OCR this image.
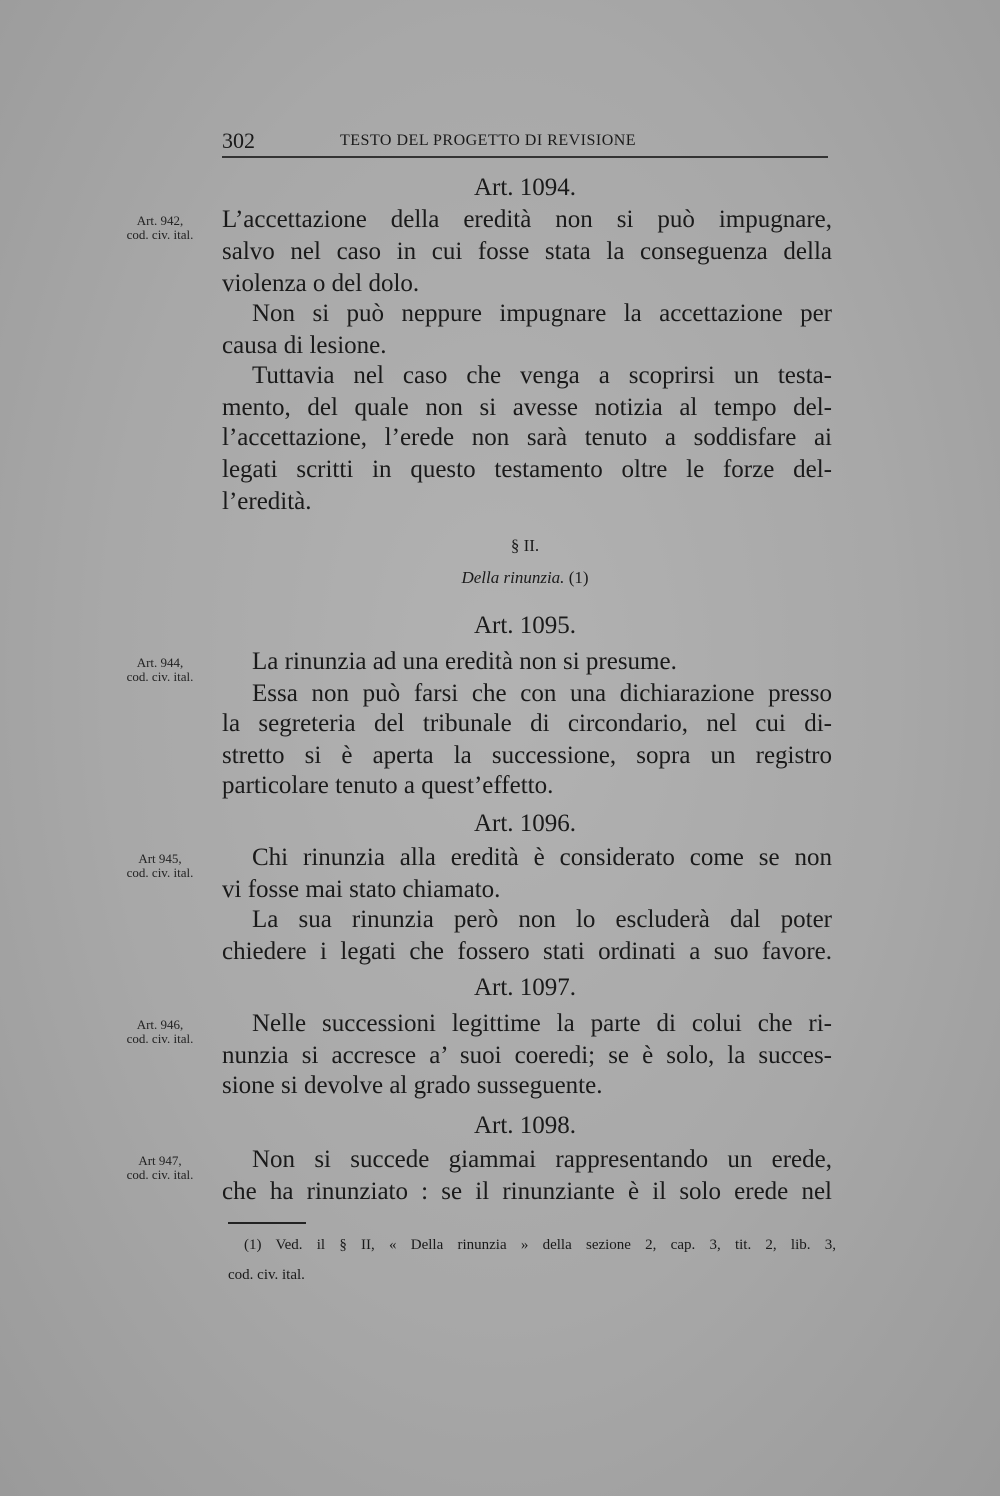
302	TESTO DEL PROGETTO DI REVISIONE
Art. 1094.
Art. 942,
cod. civ. ital.
L’accettazione della eredità non si può impugnare,
salvo nel caso in cui fosse stata la conseguenza della
violenza o del dolo.
Non si può neppure impugnare la accettazione per
causa di lesione.
Tuttavia nel caso che venga a scoprirsi un testa-
mento, del quale non si avesse notizia al tempo del-
l’accettazione, l’erede non sarà tenuto a soddisfare ai
legati scritti in questo testamento oltre le forze del-
l’eredità.
§ II.
Della rinunzia. (1)
Art. 1095.
Art. 944,
cod. civ. ital.
La rinunzia ad una eredità non si presume.
Essa non può farsi che con una dichiarazione presso
la segreteria del tribunale di circondario, nel cui di-
stretto si è aperta la successione, sopra un registro
particolare tenuto a quest’effetto.
Art. 1096.
Art 945,
cod. civ. ital.
Chi rinunzia alla eredità è considerato come se non
vi fosse mai stato chiamato.
La sua rinunzia però non lo escluderà dal poter
chiedere i legati che fossero stati ordinati a suo favore.
Art. 1097.
Art. 946,
cod. civ. ital.
Nelle successioni legittime la parte di colui che ri-
nunzia si accresce a’ suoi coeredi; se è solo, la succes-
sione si devolve al grado susseguente.
Art. 1098.
Art 947,
cod. civ. ital.
Non si succede giammai rappresentando un erede,
che ha rinunziato : se il rinunziante è il solo erede nel
(1) Ved. il § II, « Della rinunzia » della sezione 2, cap. 3, tit. 2, lib. 3,
cod. civ. ital.
